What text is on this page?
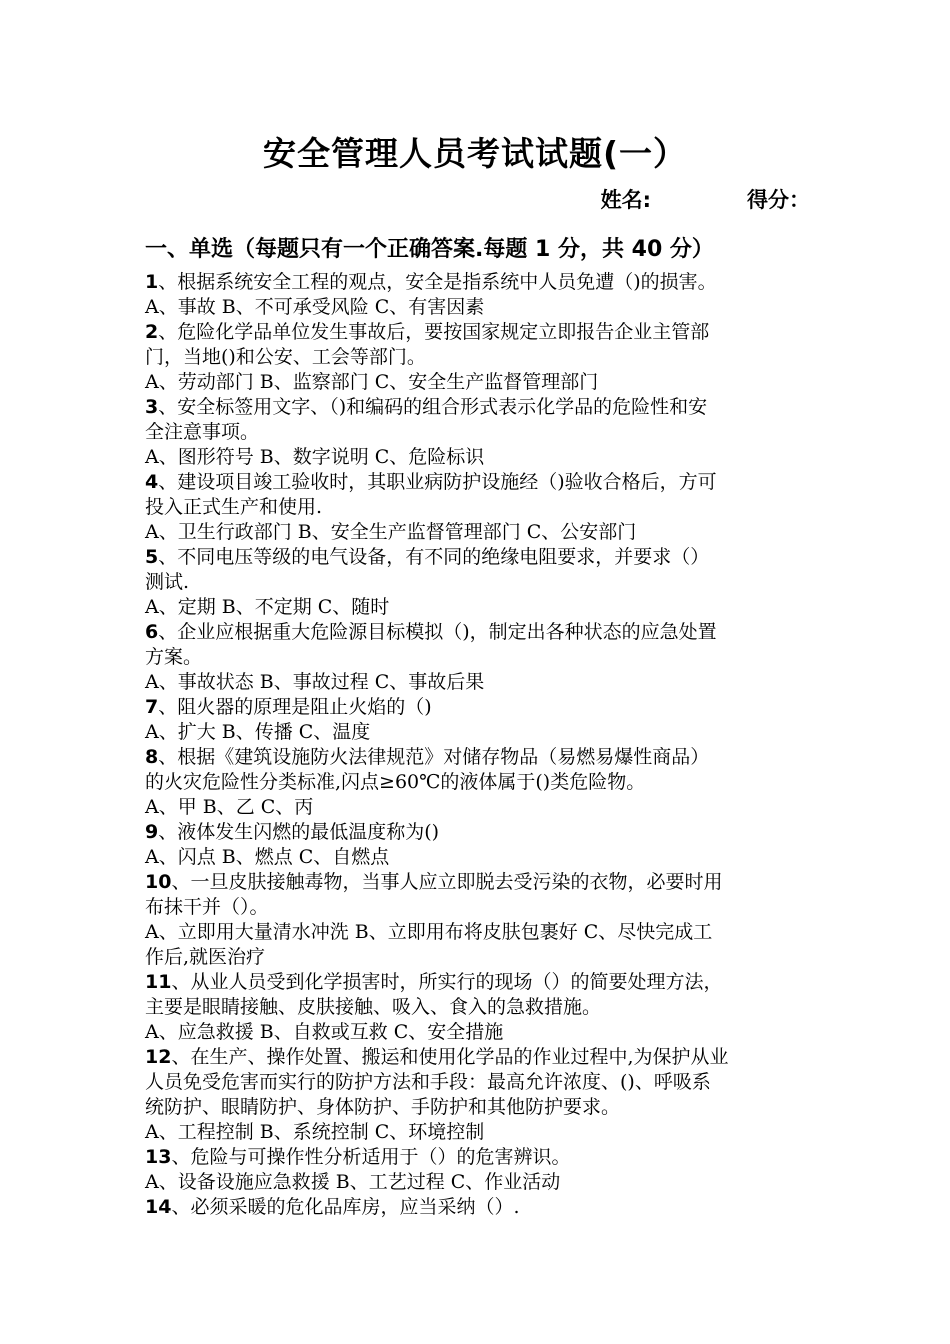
安全管理人员考试试题(一）
姓名:	得分：
一、单选（每题只有一个正确答案.每题 1 分，共 40 分）
1、根据系统安全工程的观点，安全是指系统中人员免遭（)的损害。
A、事故 B、不可承受风险 C、有害因素
2、危险化学品单位发生事故后，要按国家规定立即报告企业主管部
门，当地()和公安、工会等部门。
A、劳动部门 B、监察部门 C、安全生产监督管理部门
3、安全标签用文字、（)和编码的组合形式表示化学品的危险性和安
全注意事项。
A、图形符号 B、数字说明 C、危险标识
4、建设项目竣工验收时，其职业病防护设施经（)验收合格后，方可
投入正式生产和使用.
A、卫生行政部门 B、安全生产监督管理部门 C、公安部门
5、不同电压等级的电气设备，有不同的绝缘电阻要求，并要求（）
测试.
A、定期 B、不定期 C、随时
6、企业应根据重大危险源目标模拟（)，制定出各种状态的应急处置
方案。
A、事故状态 B、事故过程 C、事故后果
7、阻火器的原理是阻止火焰的（)
A、扩大 B、传播 C、温度
8、根据《建筑设施防火法律规范》对储存物品（易燃易爆性商品）
的火灾危险性分类标准,闪点≥60℃的液体属于()类危险物。
A、甲 B、乙 C、丙
9、液体发生闪燃的最低温度称为()
A、闪点 B、燃点 C、自燃点
10、一旦皮肤接触毒物，当事人应立即脱去受污染的衣物，必要时用
布抹干并（）。
A、立即用大量清水冲洗 B、立即用布将皮肤包裹好 C、尽快完成工
作后,就医治疗
11、从业人员受到化学损害时，所实行的现场（）的简要处理方法，
主要是眼睛接触、皮肤接触、吸入、食入的急救措施。
A、应急救援 B、自救或互救 C、安全措施
12、在生产、操作处置、搬运和使用化学品的作业过程中,为保护从业
人员免受危害而实行的防护方法和手段：最高允许浓度、()、呼吸系
统防护、眼睛防护、身体防护、手防护和其他防护要求。
A、工程控制 B、系统控制 C、环境控制
13、危险与可操作性分析适用于（）的危害辨识。
A、设备设施应急救援 B、工艺过程 C、作业活动
14、必须采暖的危化品库房，应当采纳（）.
